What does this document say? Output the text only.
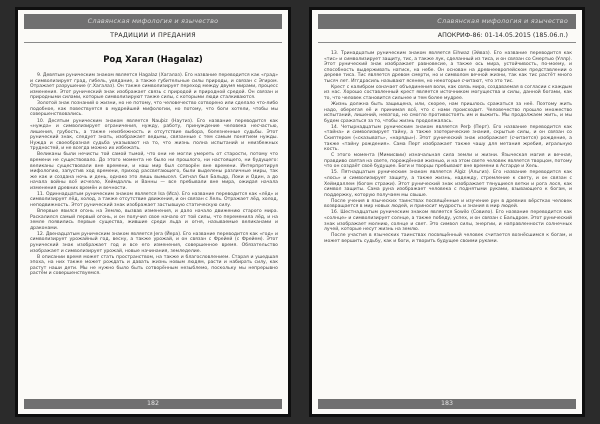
Славянская мифология и язычество
ТРАДИЦИИ И ПРЕДАНИЯ
Род Хагал (Hagalaz)

9. Девятым руническим знаком является Hagalaz (Хагалаз). Его название переводится как «град» и символизирует град, гибель, увядание, а также губительные силы природы, и связан с Эгиром. Отражает разрушение (г.Хагалаз). Он также символизирует переход между двумя мирами, процесс изменения. Этот рунический знак изображает связь с природой и природной средой. Он связан и природными силами, которые символизируют также силы, с которыми люди сталкиваются.

Золотой знак познаний о жизни, но не потому, что человечество сотворено или сделало что-либо подобное, как повествуется в мудрейшей мифологии, но потому, что боги хотели, чтобы мы совершенствовались.

10. Десятым руническим знаком является Nauþiz (Наутиз). Его название переводится как «нужда» и символизирует ограничения, нужду, работу, принуждение человека несчастью, лишения, грубость, а также неизбежность и отсутствие выбора, болезненные судьбы. Этот рунический знак, следует знать, изображает ведьмы, связанные с тем самым понятием нужды. Нужда и своеобразная судьба указывают на то, что жизнь полна испытаний и неизбежных трудностей, и не всегда можно их избежать.

Великаны были нечисты той самой тьмой, что они не могли умереть от старости, потому что времени не существовало. До этого момента не было ни прошлого, ни настоящего, ни будущего: великаны существовали вне времени, и наш мир был сотворён вне времени. Интерпретируя мифологию, запустив ход времени, приход рассветающего, были выделены различные миры, так же как и создана ночь и день, однако это лишь вымысел. Сигнал был Бальдр, Локи и Один, а до начала войны всё исчезло, Хеймдалль и Ванны — все пребывали вне мира, ожидая начала изменения древних времён и вечности.

11. Одиннадцатым руническим знаком является Isa (Иса). Его название переводится как «лёд» и символизирует лёд, холод, а также отсутствие движения, и он связан с Хель. Отражает лёд, холод, неподвижность. Этот рунический знак изображает застывшую статическую силу.

Впервые явился огонь на Землю, вызвав изменения, и дало начало движению старого мира. Раскалился самый первый огонь, и он получил свое начало от той силы, что переменила лёд, и на земле появились первые существа, жившие среди льда и огня, называемые великанами и драконами.

12. Двенадцатым руническим знаком является Jera (Йера). Его название переводится как «год» и символизирует урожайный год, весну, а также урожай, и он связан с Фрейей (с Фрейем). Этот рунический знак изображает год и все его изменения, совершенное время. Обязательство изображает и символизирует урожай, новые начинания, земледелие.

В описании время может стать пространством, на также и благословлением. Старая и ушедшая эпоха, на них также может рождать и давать жизнь новым людям, расти и набирать силу, как растут наши дети. Мы не нужно было быть сотворённым незыблемо, поскольку мы непрерывно растём и совершенствуемся.

182
Славянская мифология и язычество
АПОКРИФ-86: 01-14.05.2015 (185.06.п.)

13. Тринадцатым руническим знаком является Eihwaz (Эйваз). Его название переводится как «тис» и символизирует защиту, тис, а также лук, сделанный из тиса, и он связан со Смертью (Уллр). Этот рунический знак изображает равновесие, а также ось мира, устойчивость, по-моему, и способность выдерживать натиск, на небе. Он основан на древнеевропейском представлении о дереве тиса. Тис является древом смерти, но и символом вечной жизни, так как тис растёт много тысяч лет. Иггдрасиль называют ясенем, но некоторые считают, что это тис.

Крест с калибром означает объединения воли, как связь мира, создаваемая в согласии с каждым из нас. Хорошо составленный крест является источником могущества и силы, данной богами, как то, что человек становится сильнее и тем более мудрее.

Жизнь должна быть защищена, или, скорее, нам пришлось сражаться за неё. Поэтому жить надо, оберегая её и принимая всё, что с нами происходит. Человечество прошло множество испытаний, лишений, невзгод, но смогло противостоять им и выжить. Мы продолжаем жить, и мы будем сражаться за то, чтобы жизнь продолжалась.

14. Четырнадцатым руническим знаком является Perþ (Перт). Его название переводится как «тайна» и символизирует тайну, а также эзотерические знания, скрытые силы, и он связан со Скиптером («сказывать», «наряды»). Этот рунический знак изображает (считается) рождение, а также «тайну рождения». Сама Перт изображает также чашу для метания жребия, игральную кость.

С этого момента (Мимисвии) изначальная сила земли и жизни. Языческая магия и вечная, правдиво святая на свете, порождённая жизнью, и на этом свете человек является творцом, потому что он создаёт своё будущее. Боги и творцы пребывают вне времени в Асгарде и Хель.

15. Пятнадцатым руническим знаком является Algiz (Альгиз). Его название переводится как «лось» и символизирует защиту, а также жизнь, надежду, стремление к свету, и он связан с Хеймдаллем (богом стражи). Этот рунический знак изображает тянущиеся ветки и рога лося, как символ защиты. Сама руна изображает человека с поднятыми руками, взывающего к богам, и поддержку, которую получаем мы свыше.

После учения в языческих таинствах посвящённые и изучение рун в древних вёрстках человек возвращается в мир новых людей, и приносит мудрость и знания в мир людей.

16. Шестнадцатым руническим знаком является Sowilo (Совило). Его название переводится как «солнце» и символизирует солнце, а также победу, успех, и он связан с Бальдром. Этот рунический знак изображает молнию, солнце и свет. Это символ силы, энергии, и направленности солнечных лучей, которые несут жизнь на землю.

После участия в языческих таинствах посвящённый человек считается вознёсшимся к богам, и может вершить судьбу, как и боги, и творить будущее своими руками.

183
